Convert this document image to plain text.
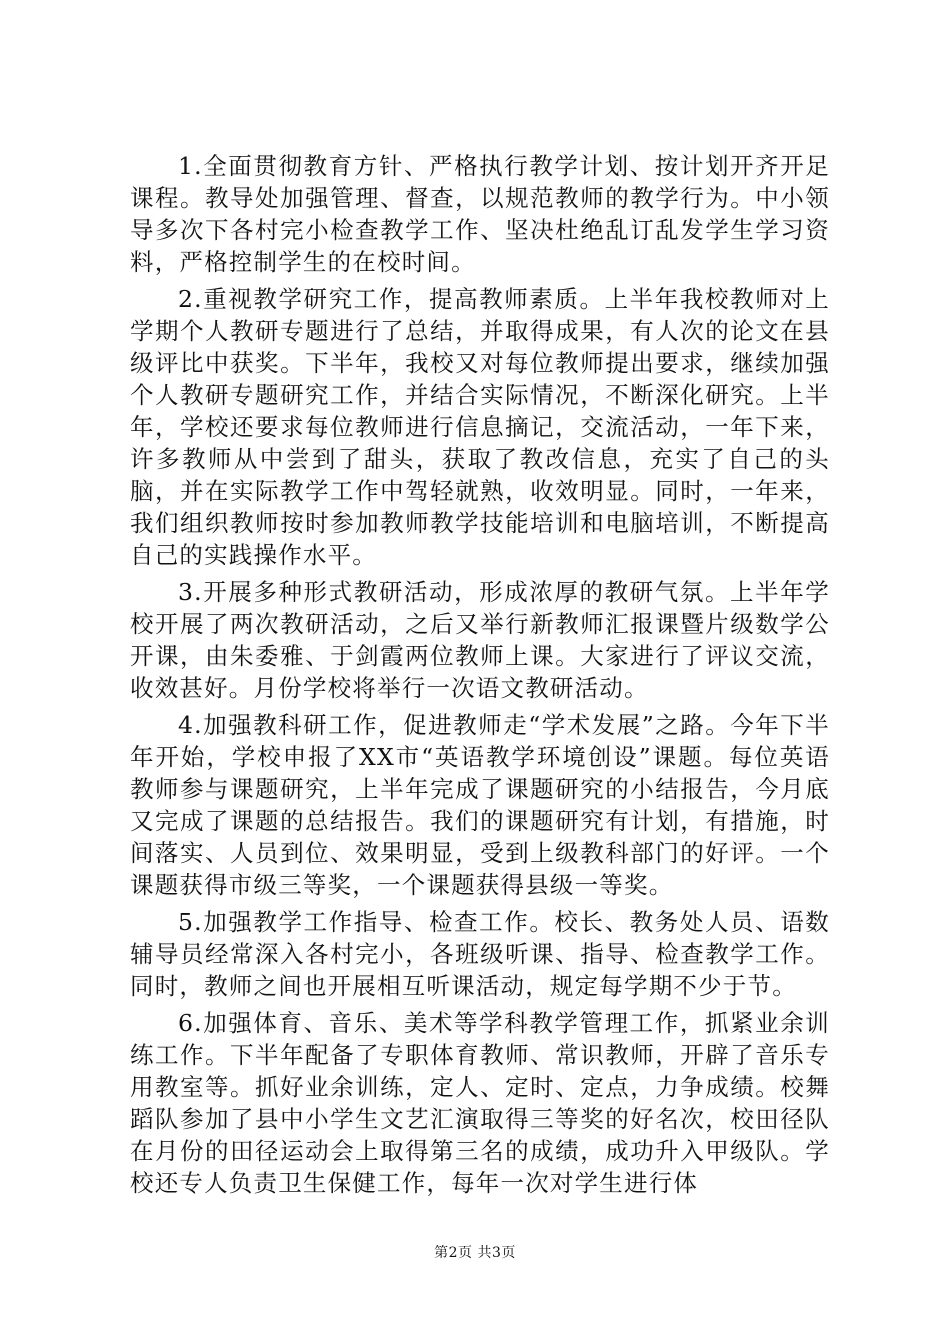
1.全面贯彻教育方针、严格执行教学计划、按计划开齐开足课程。教导处加强管理、督查，以规范教师的教学行为。中小领导多次下各村完小检查教学工作、坚决杜绝乱订乱发学生学习资料，严格控制学生的在校时间。

2.重视教学研究工作，提高教师素质。上半年我校教师对上学期个人教研专题进行了总结，并取得成果，有人次的论文在县级评比中获奖。下半年，我校又对每位教师提出要求，继续加强个人教研专题研究工作，并结合实际情况，不断深化研究。上半年，学校还要求每位教师进行信息摘记，交流活动，一年下来，许多教师从中尝到了甜头，获取了教改信息，充实了自己的头脑，并在实际教学工作中驾轻就熟，收效明显。同时，一年来，我们组织教师按时参加教师教学技能培训和电脑培训，不断提高自己的实践操作水平。

3.开展多种形式教研活动，形成浓厚的教研气氛。上半年学校开展了两次教研活动，之后又举行新教师汇报课暨片级数学公开课，由朱委雅、于剑霞两位教师上课。大家进行了评议交流，收效甚好。月份学校将举行一次语文教研活动。

4.加强教科研工作，促进教师走“学术发展”之路。今年下半年开始，学校申报了XX市“英语教学环境创设”课题。每位英语教师参与课题研究，上半年完成了课题研究的小结报告，今月底又完成了课题的总结报告。我们的课题研究有计划，有措施，时间落实、人员到位、效果明显，受到上级教科部门的好评。一个课题获得市级三等奖，一个课题获得县级一等奖。

5.加强教学工作指导、检查工作。校长、教务处人员、语数辅导员经常深入各村完小，各班级听课、指导、检查教学工作。同时，教师之间也开展相互听课活动，规定每学期不少于节。

6.加强体育、音乐、美术等学科教学管理工作，抓紧业余训练工作。下半年配备了专职体育教师、常识教师，开辟了音乐专用教室等。抓好业余训练，定人、定时、定点，力争成绩。校舞蹈队参加了县中小学生文艺汇演取得三等奖的好名次，校田径队在月份的田径运动会上取得第三名的成绩，成功升入甲级队。学校还专人负责卫生保健工作，每年一次对学生进行体

第2页 共3页
